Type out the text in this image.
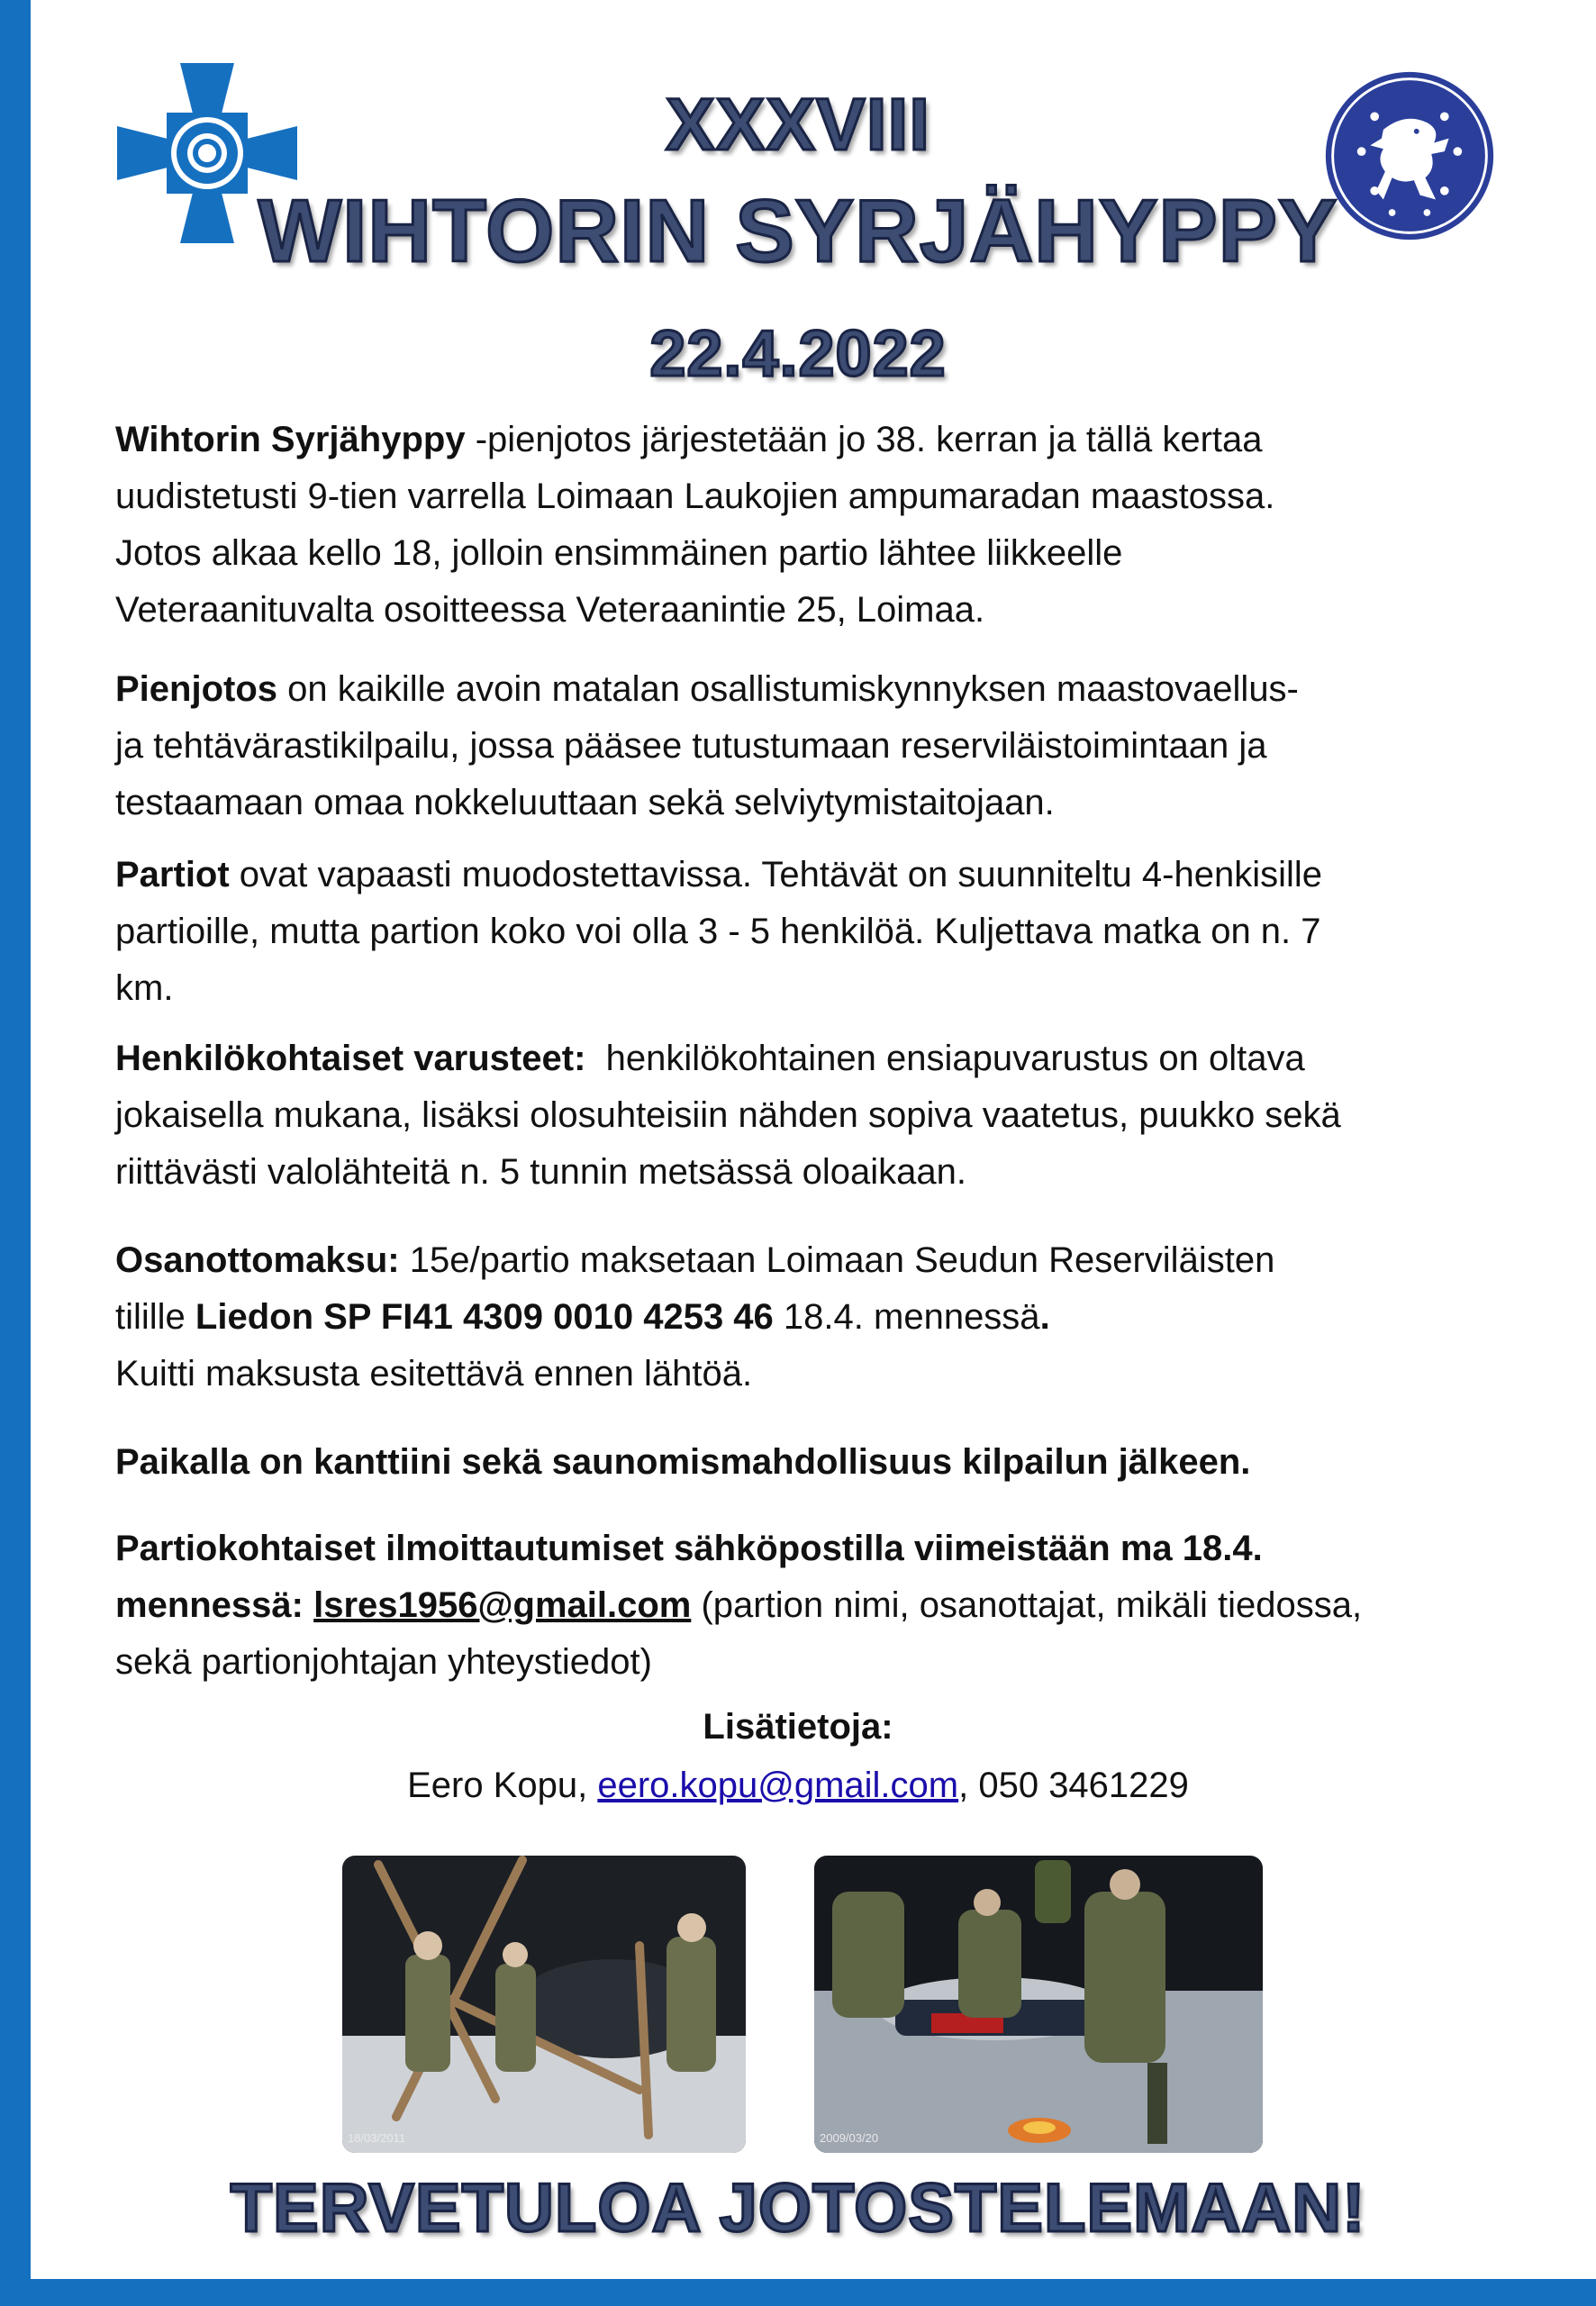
XXXVIII
WIHTORIN SYRJÄHYPPY
22.4.2022

Wihtorin Syrjähyppy -pienjotos järjestetään jo 38. kerran ja tällä kertaa

uudistetusti 9-tien varrella Loimaan Laukojien ampumaradan maastossa.

Jotos alkaa kello 18, jolloin ensimmäinen partio lähtee liikkeelle

Veteraanituvalta osoitteessa Veteraanintie 25, Loimaa.

Pienjotos on kaikille avoin matalan osallistumiskynnyksen maastovaellus-

ja tehtävärastikilpailu, jossa pääsee tutustumaan reserviläistoimintaan ja

testaamaan omaa nokkeluuttaan sekä selviytymistaitojaan.

Partiot ovat vapaasti muodostettavissa. Tehtävät on suunniteltu 4-henkisille

partioille, mutta partion koko voi olla 3 - 5 henkilöä. Kuljettava matka on n. 7

km.

Henkilökohtaiset varusteet:  henkilökohtainen ensiapuvarustus on oltava

jokaisella mukana, lisäksi olosuhteisiin nähden sopiva vaatetus, puukko sekä

riittävästi valolähteitä n. 5 tunnin metsässä oloaikaan.

Osanottomaksu: 15e/partio maksetaan Loimaan Seudun Reserviläisten

tilille Liedon SP FI41 4309 0010 4253 46 18.4. mennessä.

Kuitti maksusta esitettävä ennen lähtöä.

Paikalla on kanttiini sekä saunomismahdollisuus kilpailun jälkeen.

Partiokohtaiset ilmoittautumiset sähköpostilla viimeistään ma 18.4.

mennessä: lsres1956@gmail.com (partion nimi, osanottajat, mikäli tiedossa,

sekä partionjohtajan yhteystiedot)

Lisätietoja:
Eero Kopu, eero.kopu@gmail.com, 050 3461229
18/03/2011	2009/03/20
TERVETULOA JOTOSTELEMAAN!
